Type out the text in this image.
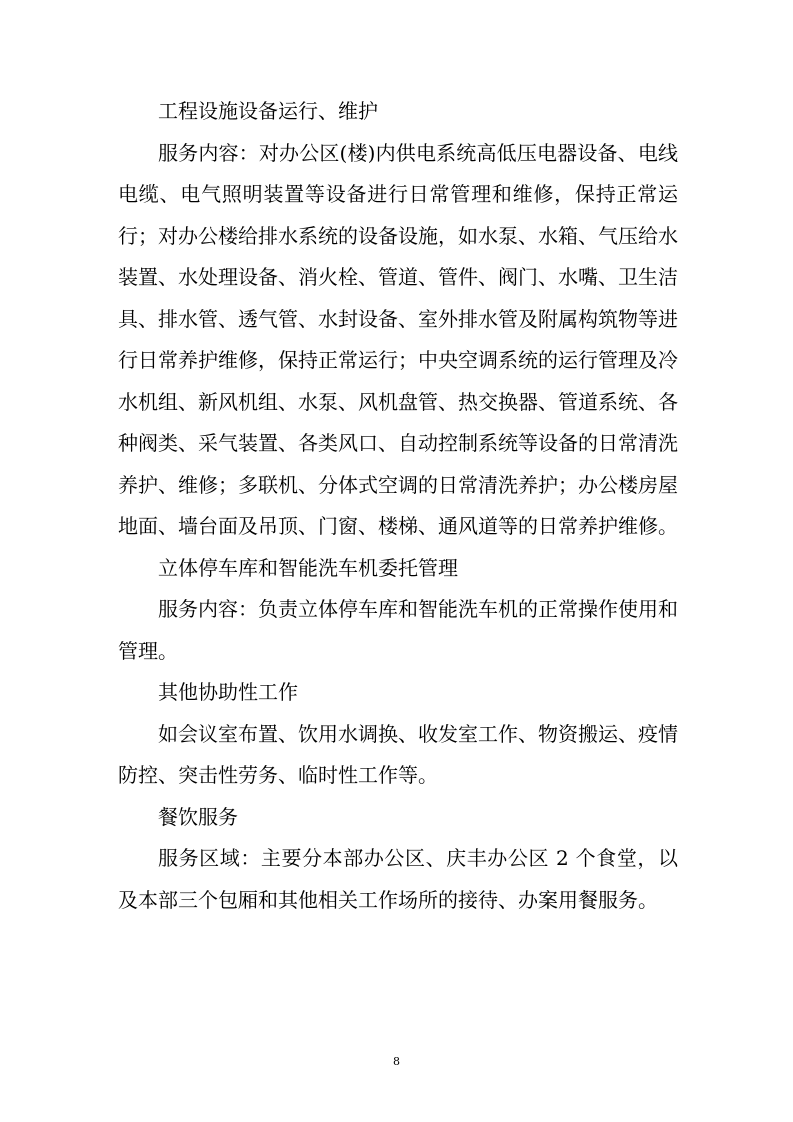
工程设施设备运行、维护

服务内容：对办公区(楼)内供电系统高低压电器设备、电线电缆、电气照明装置等设备进行日常管理和维修，保持正常运行；对办公楼给排水系统的设备设施，如水泵、水箱、气压给水装置、水处理设备、消火栓、管道、管件、阀门、水嘴、卫生洁具、排水管、透气管、水封设备、室外排水管及附属构筑物等进行日常养护维修，保持正常运行；中央空调系统的运行管理及冷水机组、新风机组、水泵、风机盘管、热交换器、管道系统、各种阀类、采气装置、各类风口、自动控制系统等设备的日常清洗养护、维修；多联机、分体式空调的日常清洗养护；办公楼房屋地面、墙台面及吊顶、门窗、楼梯、通风道等的日常养护维修。

立体停车库和智能洗车机委托管理

服务内容：负责立体停车库和智能洗车机的正常操作使用和管理。

其他协助性工作

如会议室布置、饮用水调换、收发室工作、物资搬运、疫情防控、突击性劳务、临时性工作等。

餐饮服务

服务区域：主要分本部办公区、庆丰办公区 2 个食堂，以及本部三个包厢和其他相关工作场所的接待、办案用餐服务。

8
